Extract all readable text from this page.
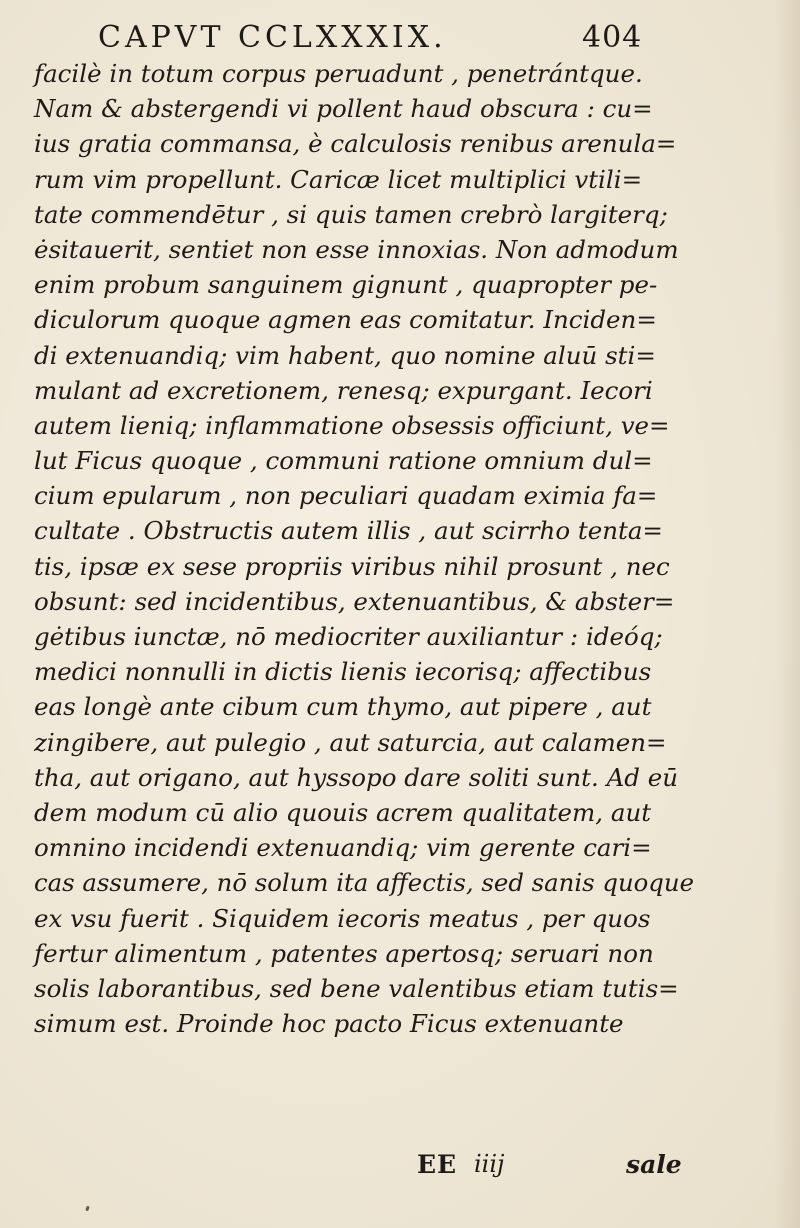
CAPVT CCLXXXIX.	404
facilè in totum corpus peruadunt , penetrántque.
Nam & abstergendi vi pollent haud obscura : cu=
ius gratia commansa, è calculosis renibus arenula=
rum vim propellunt. Caricæ licet multiplici vtili=
tate commendētur , si quis tamen crebrò largiterq;
ėsitauerit, sentiet non esse innoxias. Non admodum
enim probum sanguinem gignunt , quapropter pe-
diculorum quoque agmen eas comitatur. Inciden=
di extenuandiq; vim habent, quo nomine aluū sti=
mulant ad excretionem, renesq; expurgant. Iecori
autem lieniq; inflammatione obsessis officiunt, ve=
lut Ficus quoque , communi ratione omnium dul=
cium epularum , non peculiari quadam eximia fa=
cultate . Obstructis autem illis , aut scirrho tenta=
tis, ipsæ ex sese propriis viribus nihil prosunt , nec
obsunt: sed incidentibus, extenuantibus, & abster=
gėtibus iunctæ, nō mediocriter auxiliantur : ideóq;
medici nonnulli in dictis lienis iecorisq; affectibus
eas longè ante cibum cum thymo, aut pipere , aut
zingibere, aut pulegio , aut saturcia, aut calamen=
tha, aut origano, aut hyssopo dare soliti sunt. Ad eū
dem modum cū alio quouis acrem qualitatem, aut
omnino incidendi extenuandiq; vim gerente cari=
cas assumere, nō solum ita affectis, sed sanis quoque
ex vsu fuerit . Siquidem iecoris meatus , per quos
fertur alimentum , patentes apertosq; seruari non
solis laborantibus, sed bene valentibus etiam tutis=
simum est. Proinde hoc pacto Ficus extenuante
EE iiij	sale
